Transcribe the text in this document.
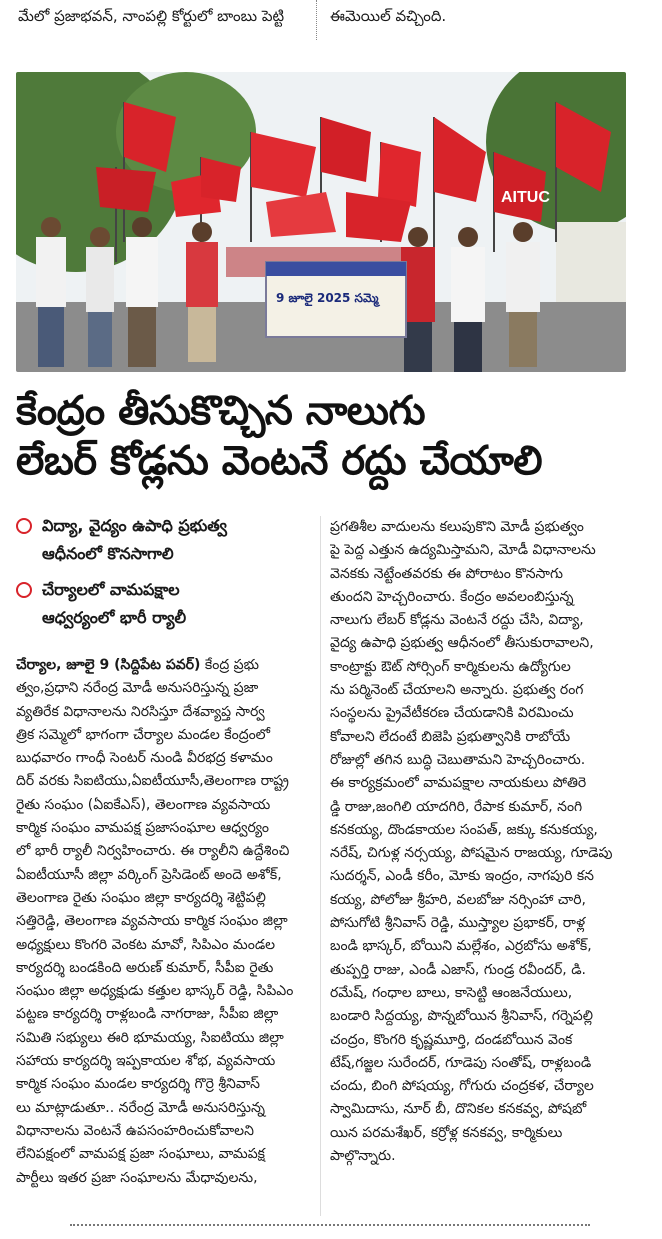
మేలో ప్రజాభవన్, నాంపల్లి కోర్టులో బాంబు పెట్టి	ఈమెయిల్ వచ్చింది.
AITUC
9 జూలై 2025 సమ్మె
కేంద్రం తీసుకొచ్చిన నాలుగు
లేబర్ కోడ్లను వెంటనే రద్దు చేయాలి
విద్యా, వైద్యం ఉపాధి ప్రభుత్వ
ఆధీనంలో కొనసాగాలి
చేర్యాలలో వామపక్షాల
ఆధ్వర్యంలో భారీ ర్యాలీ

చేర్యాల, జూలై 9 (సిద్దిపేట పవర్) కేంద్ర ప్రభు

త్వం,ప్రధాని నరేంద్ర మోడీ అనుసరిస్తున్న ప్రజా

వ్యతిరేక విధానాలను నిరసిస్తూ దేశవ్యాప్త సార్వ

త్రిక సమ్మెలో భాగంగా చేర్యాల మండల కేంద్రంలో

బుధవారం గాంధీ సెంటర్ నుండి వీరభద్ర కళామం

దిర్ వరకు సిఐటియు,ఏఐటీయూసీ,తెలంగాణ రాష్ట్ర

రైతు సంఘం (ఏఐకేఎస్), తెలంగాణ వ్యవసాయ

కార్మిక సంఘం వామపక్ష ప్రజాసంఘాల ఆధ్వర్యం

లో భారీ ర్యాలీ నిర్వహించారు. ఈ ర్యాలీని ఉద్దేశించి

ఏఐటీయూసీ జిల్లా వర్కింగ్ ప్రెసిడెంట్ అందె అశోక్,

తెలంగాణ రైతు సంఘం జిల్లా కార్యదర్శి శెట్టిపల్లి

సత్తిరెడ్డి, తెలంగాణ వ్యవసాయ కార్మిక సంఘం జిల్లా

అధ్యక్షులు కొంగరి వెంకట మావో, సిపిఎం మండల

కార్యదర్శి బండకింది అరుణ్ కుమార్, సీపీఐ రైతు

సంఘం జిల్లా అధ్యక్షుడు కత్తుల భాస్కర్ రెడ్డి, సిపిఎం

పట్టణ కార్యదర్శి రాళ్లబండి నాగరాజు, సీపీఐ జిల్లా

సమితి సభ్యులు ఈరి భూమయ్య, సిఐటియు జిల్లా

సహాయ కార్యదర్శి ఇప్పకాయల శోభ, వ్యవసాయ

కార్మిక సంఘం మండల కార్యదర్శి గొర్రె శ్రీనివాస్

లు మాట్లాడుతూ.. నరేంద్ర మోడీ అనుసరిస్తున్న

విధానాలను వెంటనే ఉపసంహరించుకోవాలని

లేనిపక్షంలో వామపక్ష ప్రజా సంఘాలు, వామపక్ష

పార్టీలు ఇతర ప్రజా సంఘాలను మేధావులను,

ప్రగతిశీల వాదులను కలుపుకొని మోడీ ప్రభుత్వం

పై పెద్ద ఎత్తున ఉద్యమిస్తామని, మోడీ విధానాలను

వెనకకు నెట్టేంతవరకు ఈ పోరాటం కొనసాగు

తుందని హెచ్చరించారు. కేంద్రం అవలంబిస్తున్న

నాలుగు లేబర్ కోడ్లను వెంటనే రద్దు చేసి, విద్యా,

వైద్య ఉపాధి ప్రభుత్వ ఆధీనంలో తీసుకురావాలని,

కాంట్రాక్టు ఔట్ సోర్సింగ్ కార్మికులను ఉద్యోగుల

ను పర్మినెంట్ చేయాలని అన్నారు. ప్రభుత్వ రంగ

సంస్థలను ప్రైవేటీకరణ చేయడానికి విరమించు

కోవాలని లేదంటే బిజెపి ప్రభుత్వానికి రాబోయే

రోజుల్లో తగిన బుద్ధి చెబుతామని హెచ్చరించారు.

ఈ కార్యక్రమంలో వామపక్షాల నాయకులు పోతిరె

డ్డి రాజు,జంగిలి యాదగిరి, రేపాక కుమార్, నంగి

కనకయ్య, దొండకాయల సంపత్, జక్కు కనుకయ్య,

నరేష్, చిగుళ్ల నర్సయ్య, పోషమైన రాజయ్య, గూడెపు

సుదర్శన్, ఎండీ కరీం, మోకు ఇంద్రం, నాగపురి కన

కయ్య, పోలోజు శ్రీహరి, వలబోజు నర్సింహా చారి,

పోసుగోటి శ్రీనివాస్ రెడ్డి, ముస్త్యాల ప్రభాకర్, రాళ్ల

బండి భాస్కర్, బోయిని మల్లేశం, ఎర్రబోసు అశోక్,

తుప్పర్తి రాజు, ఎండీ ఎజాస్, గుండ్ర రవీందర్, డి.

రమేష్, గంధాల బాలు, కాసెట్టి ఆంజనేయులు,

బండారి సిద్దయ్య, పొన్నబోయిన శ్రీనివాస్, గర్నెపల్లి

చంద్రం, కొంగరి కృష్ణమూర్తి, దండబోయిన వెంక

టేష్,గజ్జల సురేందర్, గూడెపు సంతోష్, రాళ్లబండి

చందు, బింగి పోషయ్య, గోగురు చంద్రకళ, చేర్యాల

స్వామిదాసు, నూర్ బీ, దొనికల కనకవ్వ, పోషబో

యిన పరమశేఖర్, కర్రోళ్ల కనకవ్వ, కార్మికులు

పాల్గొన్నారు.
